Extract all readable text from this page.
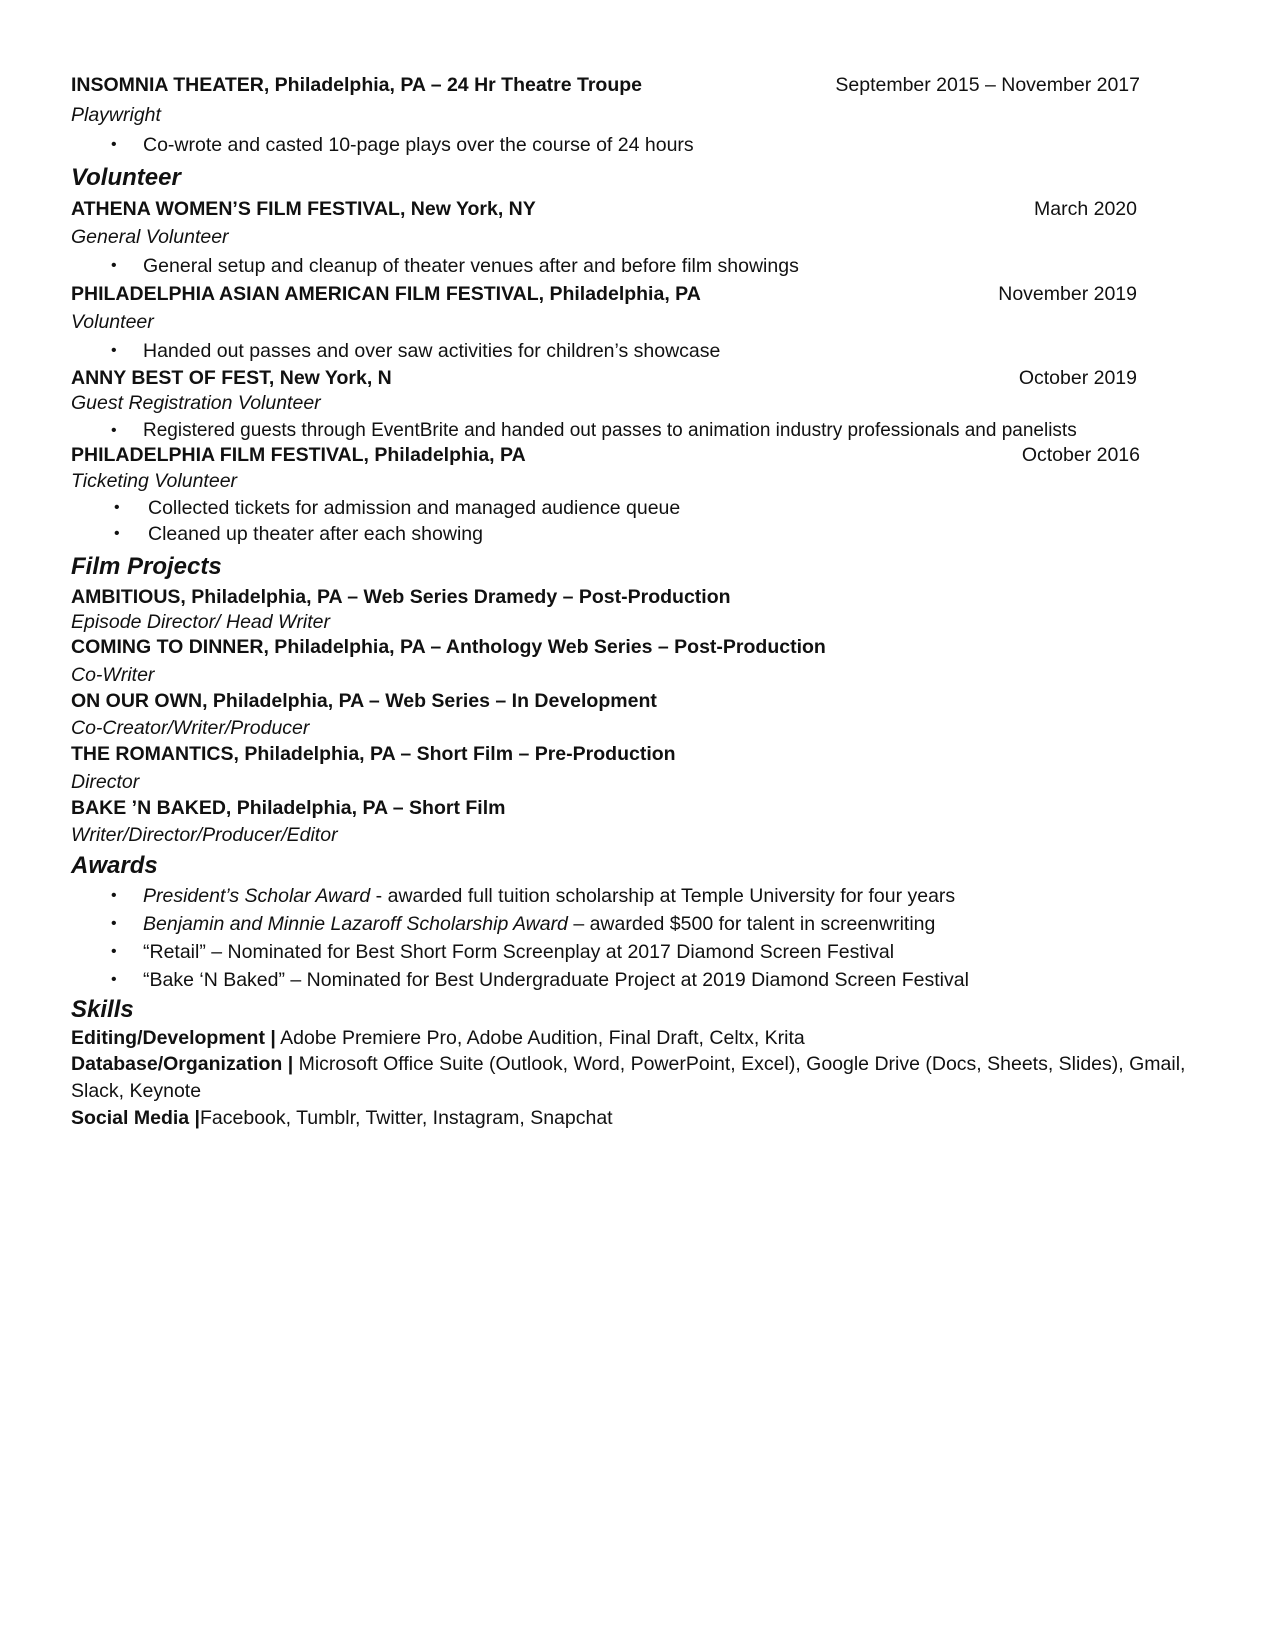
INSOMNIA THEATER, Philadelphia, PA – 24 Hr Theatre Troupe	September 2015 – November 2017
Playwright
• Co-wrote and casted 10-page plays over the course of 24 hours
Volunteer
ATHENA WOMEN’S FILM FESTIVAL, New York, NY	March 2020
General Volunteer
• General setup and cleanup of theater venues after and before film showings
PHILADELPHIA ASIAN AMERICAN FILM FESTIVAL, Philadelphia, PA	November 2019
Volunteer
• Handed out passes and over saw activities for children’s showcase
ANNY BEST OF FEST, New York, N	October 2019
Guest Registration Volunteer
• Registered guests through EventBrite and handed out passes to animation industry professionals and panelists
PHILADELPHIA FILM FESTIVAL, Philadelphia, PA	October 2016
Ticketing Volunteer
• Collected tickets for admission and managed audience queue
• Cleaned up theater after each showing
Film Projects
AMBITIOUS, Philadelphia, PA – Web Series Dramedy – Post-Production
Episode Director/ Head Writer
COMING TO DINNER, Philadelphia, PA – Anthology Web Series – Post-Production
Co-Writer
ON OUR OWN, Philadelphia, PA – Web Series – In Development
Co-Creator/Writer/Producer
THE ROMANTICS, Philadelphia, PA – Short Film – Pre-Production
Director
BAKE ’N BAKED, Philadelphia, PA – Short Film
Writer/Director/Producer/Editor
Awards
• President’s Scholar Award - awarded full tuition scholarship at Temple University for four years
• Benjamin and Minnie Lazaroff Scholarship Award – awarded $500 for talent in screenwriting
• “Retail” – Nominated for Best Short Form Screenplay at 2017 Diamond Screen Festival
• “Bake ‘N Baked” – Nominated for Best Undergraduate Project at 2019 Diamond Screen Festival
Skills
Editing/Development | Adobe Premiere Pro, Adobe Audition, Final Draft, Celtx, Krita
Database/Organization | Microsoft Office Suite (Outlook, Word, PowerPoint, Excel), Google Drive (Docs, Sheets, Slides), Gmail, Slack, Keynote
Social Media |Facebook, Tumblr, Twitter, Instagram, Snapchat
